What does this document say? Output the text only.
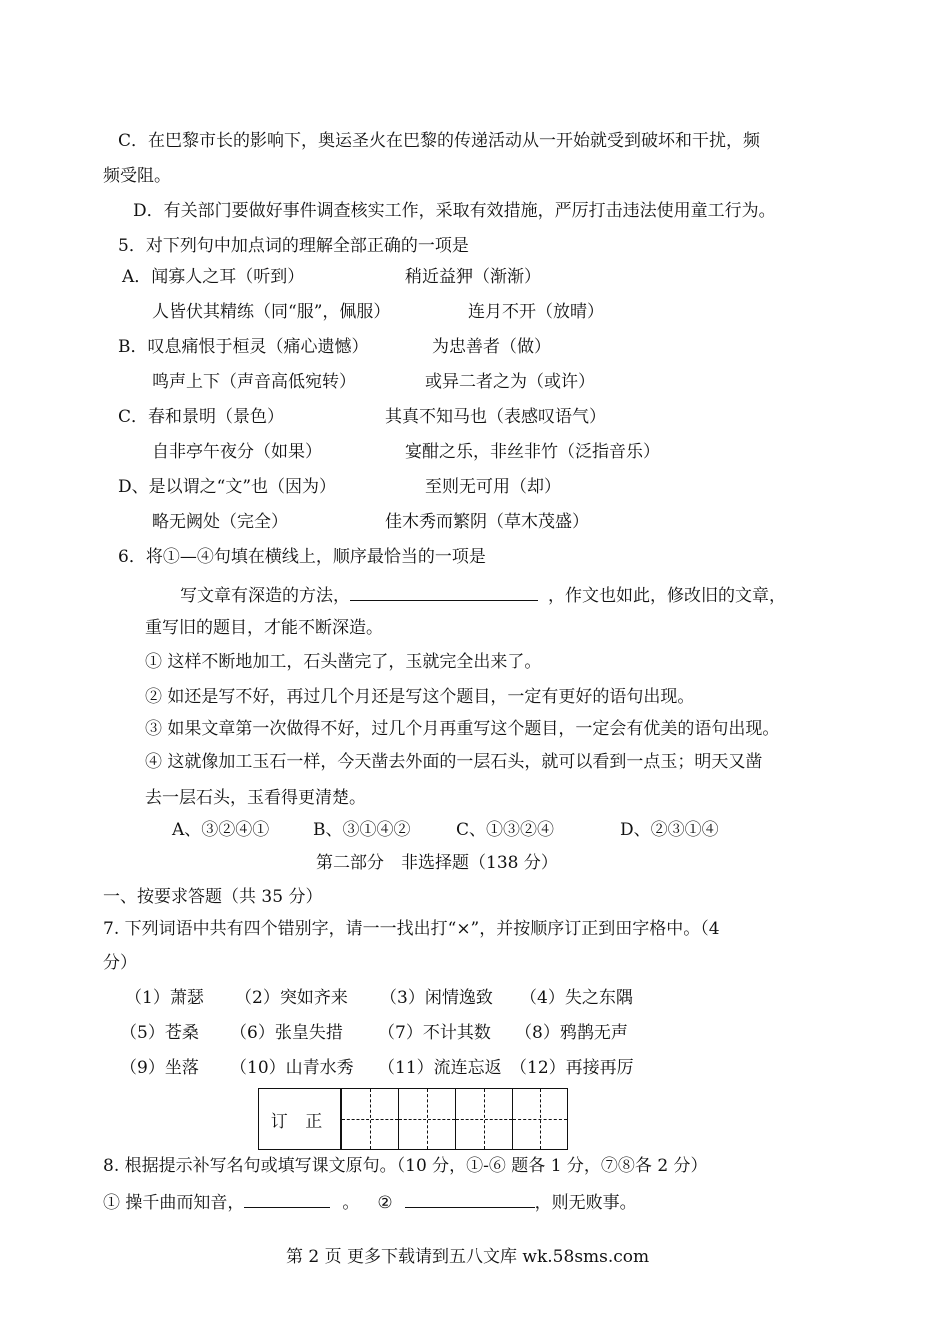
C．在巴黎市长的影响下，奥运圣火在巴黎的传递活动从一开始就受到破坏和干扰，频
频受阻。
D．有关部门要做好事件调查核实工作，采取有效措施，严厉打击违法使用童工行为。
5．对下列句中加点词的理解全部正确的一项是
A．闻寡人之耳（听到）	稍近益狎（渐渐）
人皆伏其精练（同“服”，佩服）	连月不开（放晴）
B．叹息痛恨于桓灵（痛心遗憾）	为忠善者（做）
鸣声上下（声音高低宛转）	或异二者之为（或许）
C．春和景明（景色）	其真不知马也（表感叹语气）
自非亭午夜分（如果）	宴酣之乐，非丝非竹（泛指音乐）
D、是以谓之“文”也（因为）	至则无可用（却）
略无阙处（完全）	佳木秀而繁阴（草木茂盛）
6．将①—④句填在横线上，顺序最恰当的一项是
写文章有深造的方法，	，作文也如此，修改旧的文章，
重写旧的题目，才能不断深造。
① 这样不断地加工，石头凿完了，玉就完全出来了。
② 如还是写不好，再过几个月还是写这个题目，一定有更好的语句出现。
③ 如果文章第一次做得不好，过几个月再重写这个题目，一定会有优美的语句出现。
④ 这就像加工玉石一样，今天凿去外面的一层石头，就可以看到一点玉；明天又凿
去一层石头，玉看得更清楚。
A、③②④①	B、③①④②	C、①③②④	D、②③①④
第二部分　非选择题（138 分）
一、按要求答题（共 35 分）
7. 下列词语中共有四个错别字，请一一找出打“×”，并按顺序订正到田字格中。（4
分）
（1）萧瑟 （2）突如齐来 （3）闲情逸致 （4）失之东隅
（5）苍桑 （6）张皇失措 （7）不计其数 （8）鸦鹊无声
（9）坐落 （10）山青水秀 （11）流连忘返 （12）再接再厉
订 正
8. 根据提示补写名句或填写课文原句。（10 分，①-⑥ 题各 1 分，⑦⑧各 2 分）
① 操千曲而知音，	。 ②	，则无败事。
第 2 页 更多下载请到五八文库 wk.58sms.com
